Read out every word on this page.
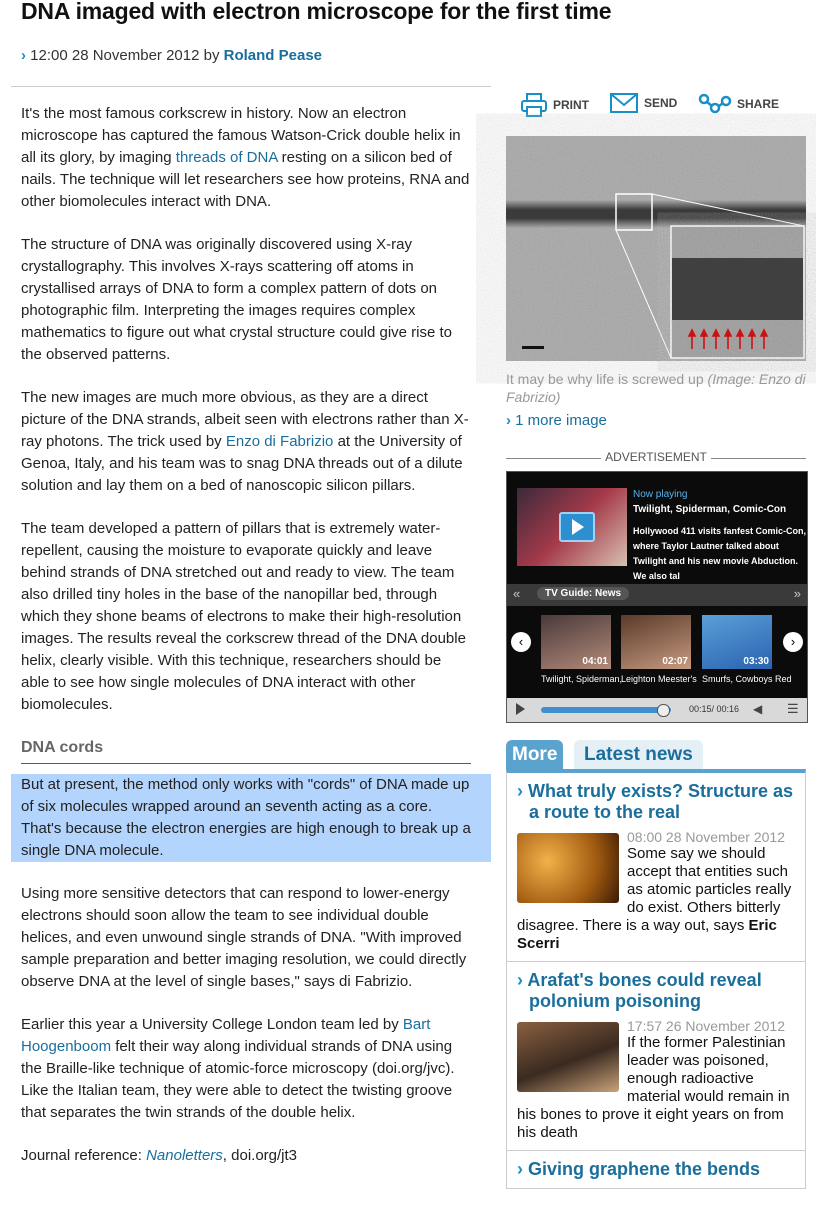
DNA imaged with electron microscope for the first time
› 12:00 28 November 2012 by Roland Pease

It's the most famous corkscrew in history. Now an electron microscope has captured the famous Watson-Crick double helix in all its glory, by imaging threads of DNA resting on a silicon bed of nails. The technique will let researchers see how proteins, RNA and other biomolecules interact with DNA.

The structure of DNA was originally discovered using X-ray crystallography. This involves X-rays scattering off atoms in crystallised arrays of DNA to form a complex pattern of dots on photographic film. Interpreting the images requires complex mathematics to figure out what crystal structure could give rise to the observed patterns.

The new images are much more obvious, as they are a direct picture of the DNA strands, albeit seen with electrons rather than X-ray photons. The trick used by Enzo di Fabrizio at the University of Genoa, Italy, and his team was to snag DNA threads out of a dilute solution and lay them on a bed of nanoscopic silicon pillars.

The team developed a pattern of pillars that is extremely water-repellent, causing the moisture to evaporate quickly and leave behind strands of DNA stretched out and ready to view. The team also drilled tiny holes in the base of the nanopillar bed, through which they shone beams of electrons to make their high-resolution images. The results reveal the corkscrew thread of the DNA double helix, clearly visible. With this technique, researchers should be able to see how single molecules of DNA interact with other biomolecules.

DNA cords

But at present, the method only works with "cords" of DNA made up of six molecules wrapped around an seventh acting as a core. That's because the electron energies are high enough to break up a single DNA molecule.

Using more sensitive detectors that can respond to lower-energy electrons should soon allow the team to see individual double helices, and even unwound single strands of DNA. "With improved sample preparation and better imaging resolution, we could directly observe DNA at the level of single bases," says di Fabrizio.

Earlier this year a University College London team led by Bart Hoogenboom felt their way along individual strands of DNA using the Braille-like technique of atomic-force microscopy (doi.org/jvc). Like the Italian team, they were able to detect the twisting groove that separates the twin strands of the double helix.

Journal reference: Nanoletters, doi.org/jt3

PRINT	SEND	SHARE
It may be why life is screwed up (Image: Enzo di Fabrizio)
› 1 more image
ADVERTISEMENT
Now playing
Twilight, Spiderman, Comic-Con
Hollywood 411 visits fanfest Comic-Con, where Taylor Lautner talked about Twilight and his new movie Abduction. We also tal
«	TV Guide: News	»
‹	›
04:01	02:07	03:30
Twilight, Spiderman,
Leighton Meester's Smurfs, Cowboys Red
00:15/ 00:16 ◀ ☰
More	Latest news
› What truly exists? Structure as a route to the real
08:00 28 November 2012
Some say we should accept that entities such as atomic particles really do exist. Others bitterly disagree. There is a way out, says Eric Scerri
› Arafat's bones could reveal polonium poisoning
17:57 26 November 2012
If the former Palestinian leader was poisoned, enough radioactive material would remain in his bones to prove it eight years on from his death
› Giving graphene the bends
